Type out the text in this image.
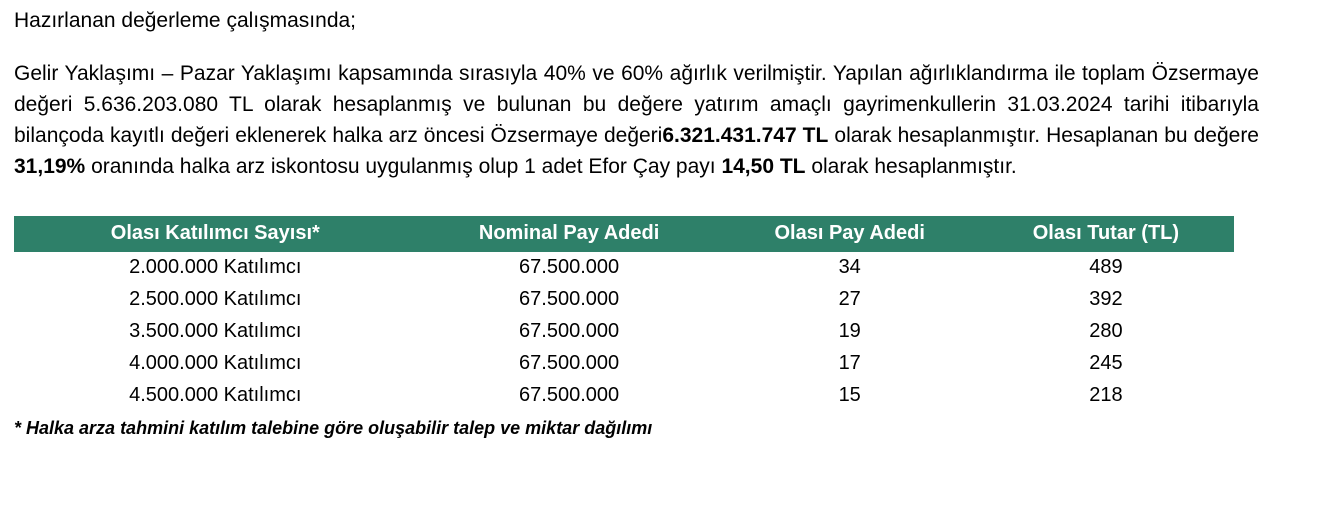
Hazırlanan değerleme çalışmasında;

Gelir Yaklaşımı – Pazar Yaklaşımı kapsamında sırasıyla 40% ve 60% ağırlık verilmiştir. Yapılan ağırlıklandırma ile toplam Özsermaye değeri 5.636.203.080 TL olarak hesaplanmış ve bulunan bu değere yatırım amaçlı gayrimenkullerin 31.03.2024 tarihi itibarıyla bilançoda kayıtlı değeri eklenerek halka arz öncesi Özsermaye değeri6.321.431.747 TL olarak hesaplanmıştır. Hesaplanan bu değere 31,19% oranında halka arz iskontosu uygulanmış olup 1 adet Efor Çay payı 14,50 TL olarak hesaplanmıştır.

Olası Katılımcı Sayısı*	Nominal Pay Adedi	Olası Pay Adedi	Olası Tutar (TL)
2.000.000 Katılımcı	67.500.000	34	489
2.500.000 Katılımcı	67.500.000	27	392
3.500.000 Katılımcı	67.500.000	19	280
4.000.000 Katılımcı	67.500.000	17	245
4.500.000 Katılımcı	67.500.000	15	218
* Halka arza tahmini katılım talebine göre oluşabilir talep ve miktar dağılımı
